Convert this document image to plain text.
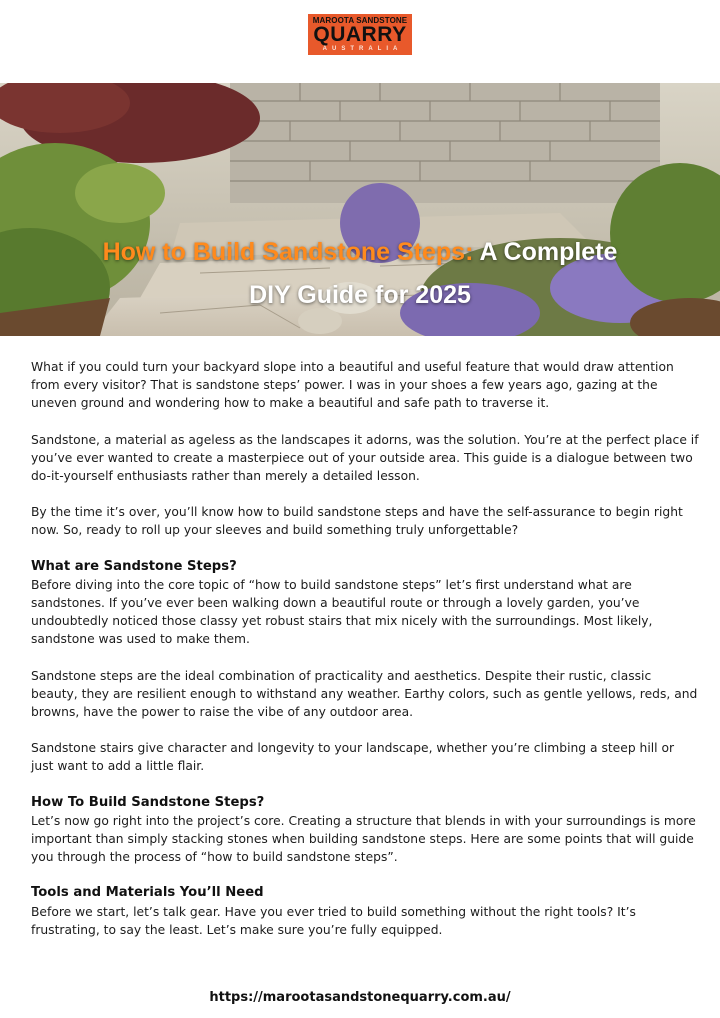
MAROOTA SANDSTONE
QUARRY
AUSTRALIA
How to Build Sandstone Steps: A Complete
DIY Guide for 2025

What if you could turn your backyard slope into a beautiful and useful feature that would draw attention from every visitor? That is sandstone steps’ power. I was in your shoes a few years ago, gazing at the uneven ground and wondering how to make a beautiful and safe path to traverse it.

Sandstone, a material as ageless as the landscapes it adorns, was the solution. You’re at the perfect place if you’ve ever wanted to create a masterpiece out of your outside area. This guide is a dialogue between two do-it-yourself enthusiasts rather than merely a detailed lesson.

By the time it’s over, you’ll know how to build sandstone steps and have the self-assurance to begin right now. So, ready to roll up your sleeves and build something truly unforgettable?

What are Sandstone Steps?

Before diving into the core topic of “how to build sandstone steps” let’s first understand what are sandstones. If you’ve ever been walking down a beautiful route or through a lovely garden, you’ve undoubtedly noticed those classy yet robust stairs that mix nicely with the surroundings. Most likely, sandstone was used to make them.

Sandstone steps are the ideal combination of practicality and aesthetics. Despite their rustic, classic beauty, they are resilient enough to withstand any weather. Earthy colors, such as gentle yellows, reds, and browns, have the power to raise the vibe of any outdoor area.

Sandstone stairs give character and longevity to your landscape, whether you’re climbing a steep hill or just want to add a little flair.

How To Build Sandstone Steps?

Let’s now go right into the project’s core. Creating a structure that blends in with your surroundings is more important than simply stacking stones when building sandstone steps. Here are some points that will guide you through the process of “how to build sandstone steps”.

Tools and Materials You’ll Need

Before we start, let’s talk gear. Have you ever tried to build something without the right tools? It’s frustrating, to say the least. Let’s make sure you’re fully equipped.

https://marootasandstonequarry.com.au/
